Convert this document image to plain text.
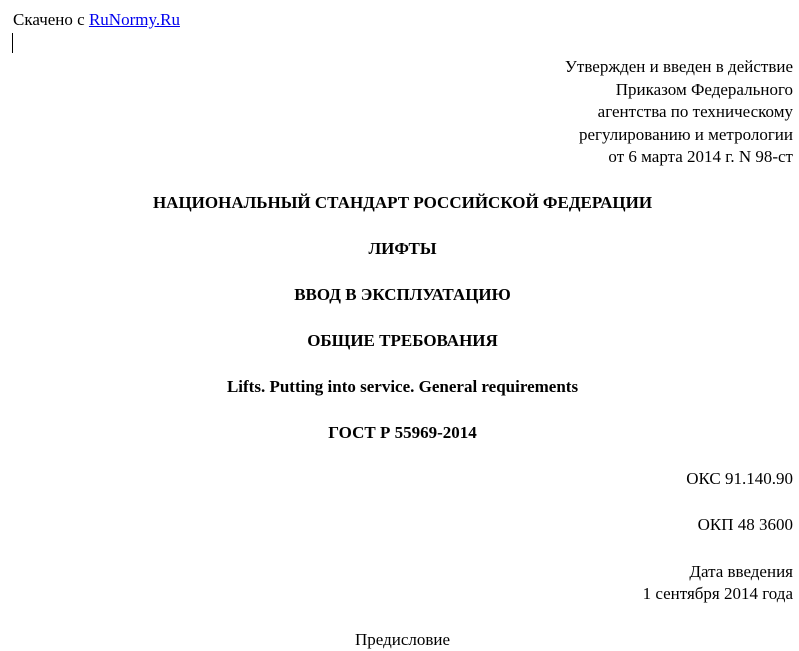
Скачено с RuNormy.Ru
Утвержден и введен в действие
Приказом Федерального
агентства по техническому
регулированию и метрологии
от 6 марта 2014 г. N 98-ст
НАЦИОНАЛЬНЫЙ СТАНДАРТ РОССИЙСКОЙ ФЕДЕРАЦИИ
ЛИФТЫ
ВВОД В ЭКСПЛУАТАЦИЮ
ОБЩИЕ ТРЕБОВАНИЯ
Lifts. Putting into service. General requirements
ГОСТ Р 55969-2014
ОКС 91.140.90
ОКП 48 3600
Дата введения
1 сентября 2014 года
Предисловие
